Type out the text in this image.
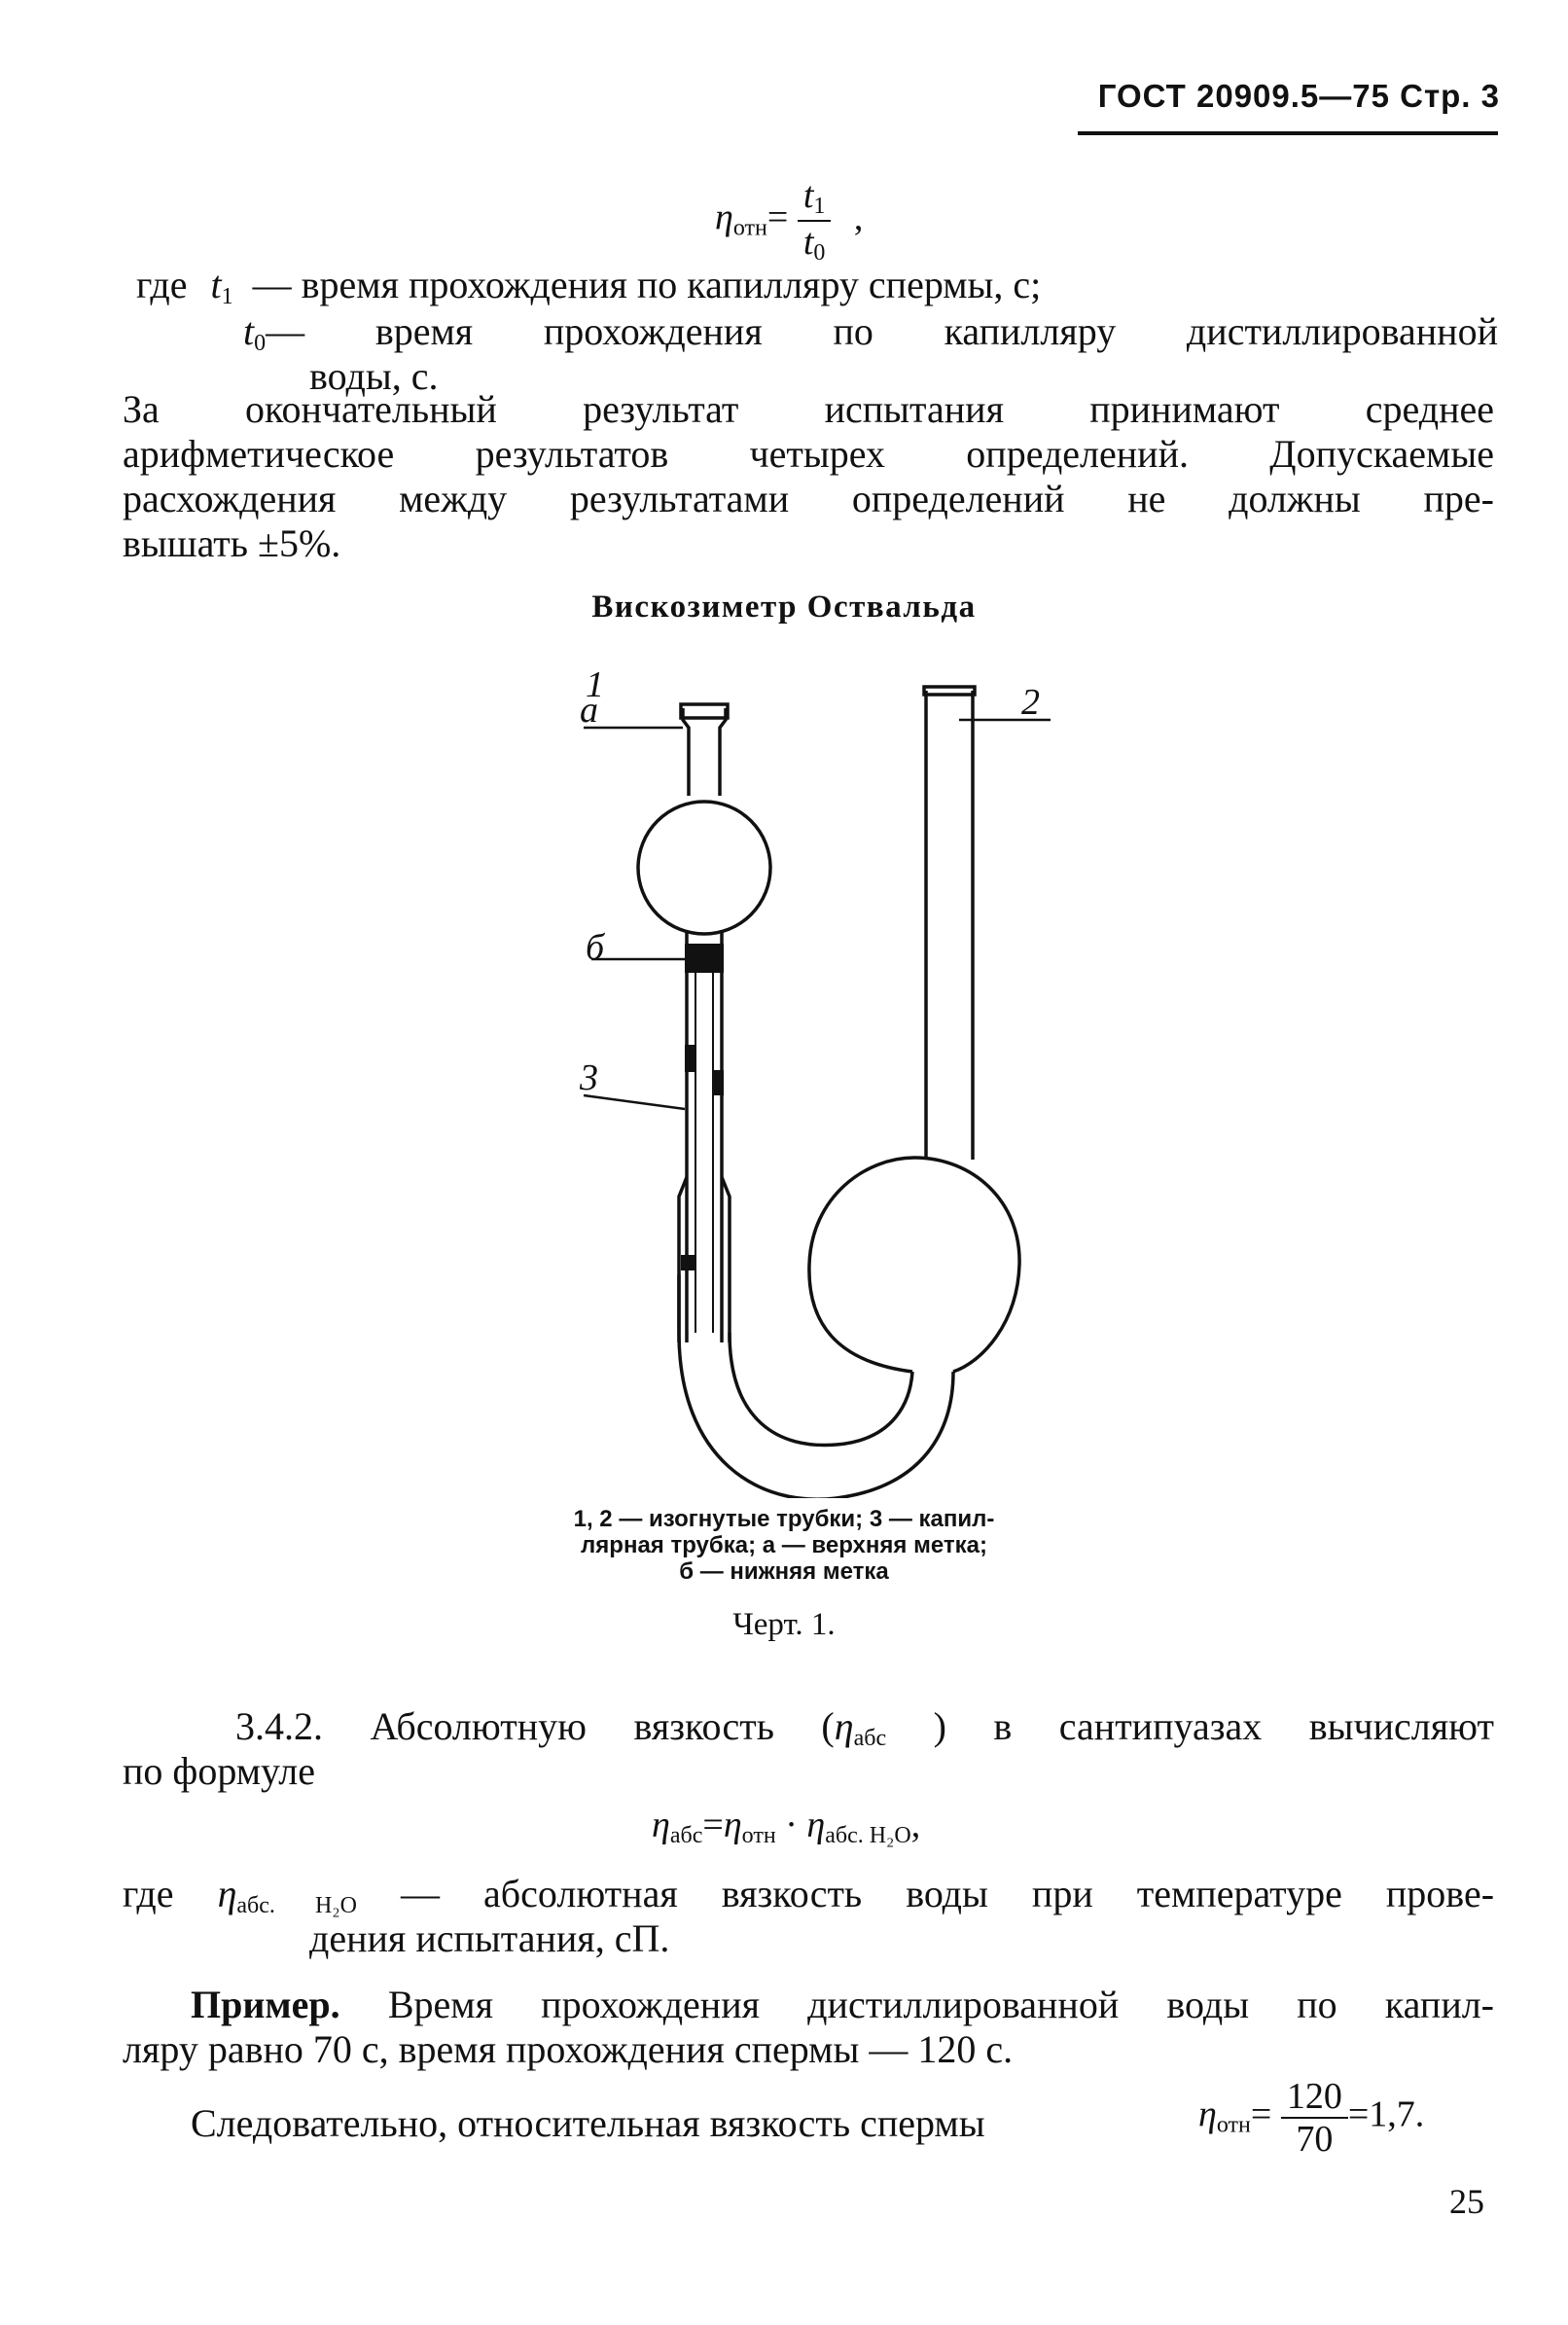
ГОСТ 20909.5—75 Стр. 3
$\eta_{отн}= \frac{t_1}{t_0}$ ,
где $t_1$ — время прохождения по капилляру спермы, с;
$t_0—$ время прохождения по капилляру дистиллированной
воды, с.
За окончательный результат испытания принимают среднее
арифметическое результатов четырех определений. Допускаемые
расхождения между результатами определений не должны пре-
вышать ±5%.
Вискозиметр Оствальда
1
а	2
б
3
1, 2 — изогнутые трубки; 3 — капил-
лярная трубка; а — верхняя метка;
б — нижняя метка
Черт. 1.
3.4.2. Абсолютную вязкость ($\eta_{абс}$ ) в сантипуазах вычисляют
по формуле
$\eta_{абс}=\eta_{отн} \cdot \eta_{абс. H_2O}$,
где $\eta_{абс. H_2O}$ — абсолютная вязкость воды при температуре прове-
дения испытания, сП.
Пример. Время прохождения дистиллированной воды по капил-
ляру равно 70 с, время прохождения спермы — 120 с.
Следовательно, относительная вязкость спермы	$\eta_{отн}= \frac{120}{70} =1,7$.
25
